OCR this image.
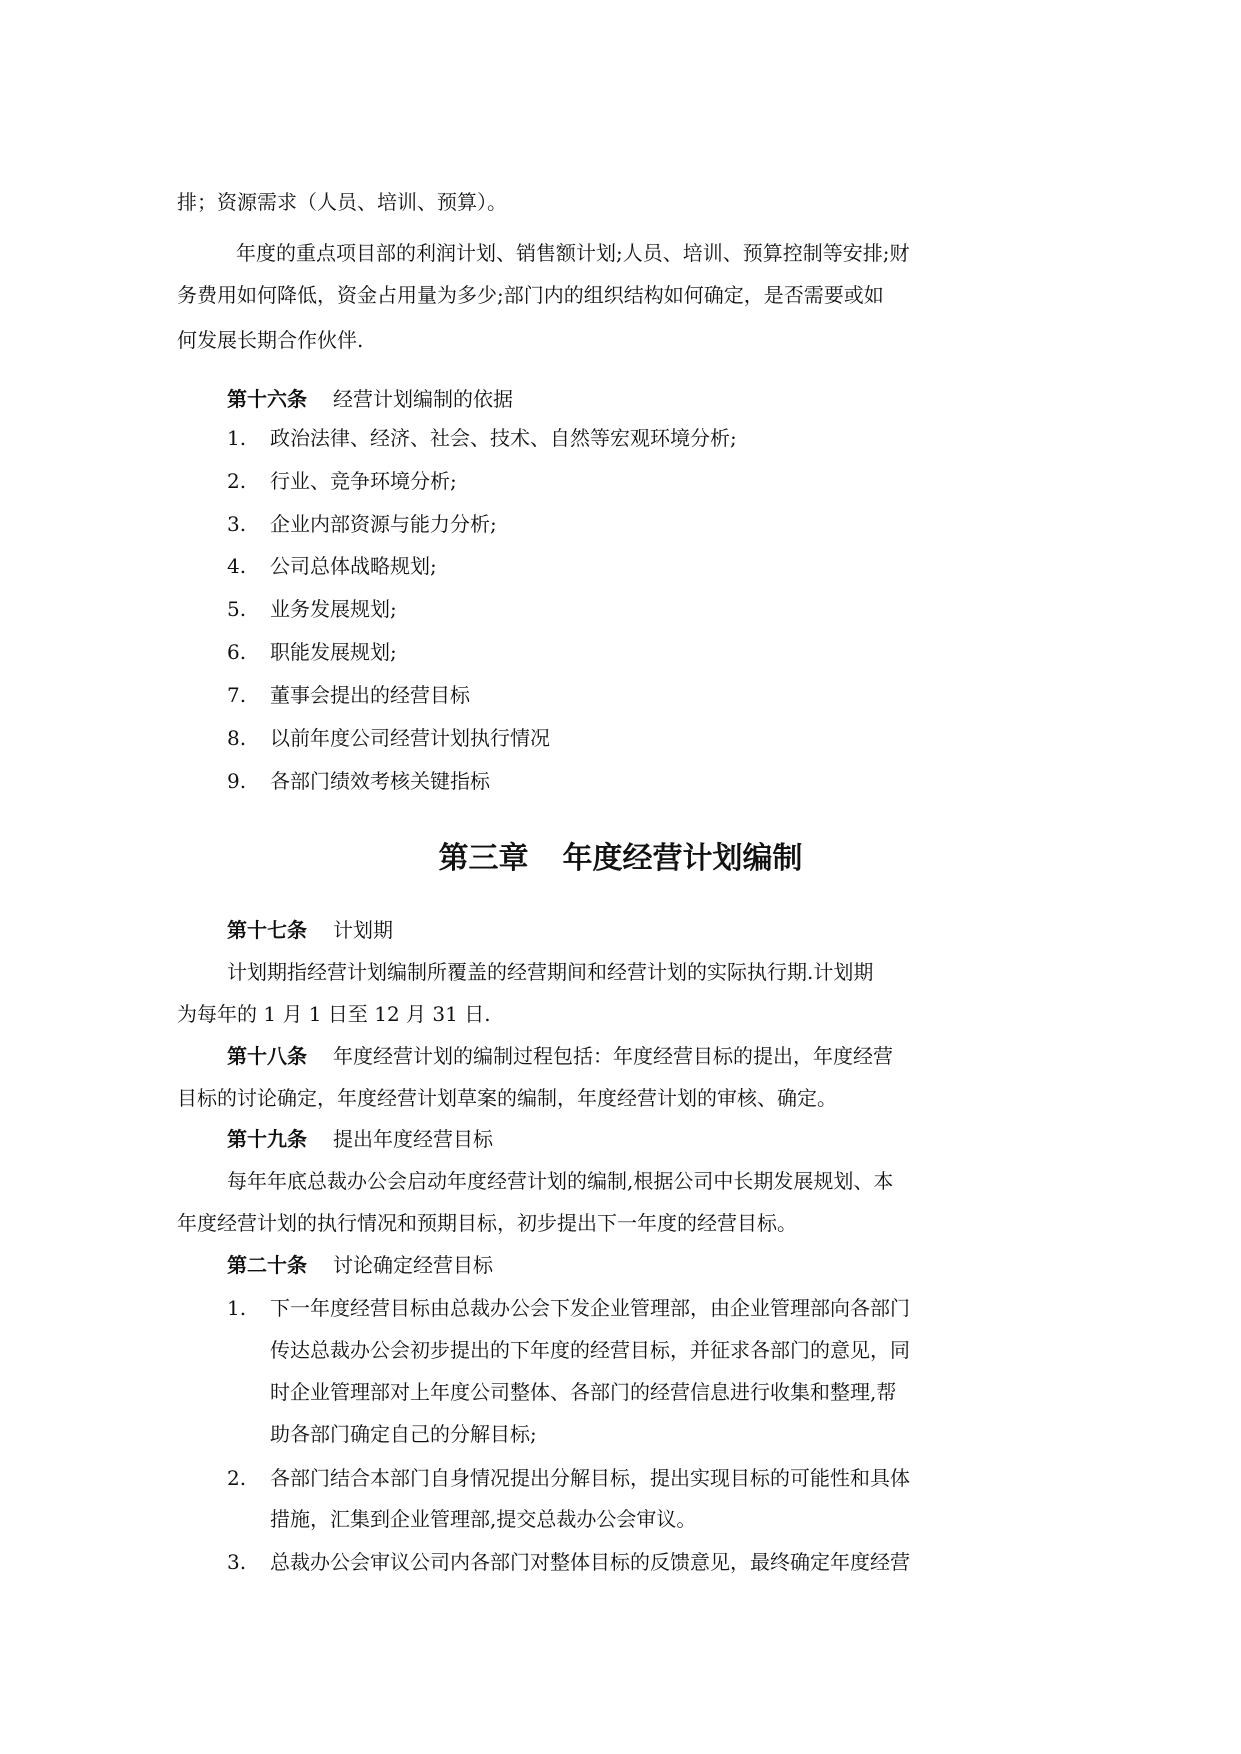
排；资源需求（人员、培训、预算）。
年度的重点项目部的利润计划、销售额计划;人员、培训、预算控制等安排;财
务费用如何降低，资金占用量为多少;部门内的组织结构如何确定，是否需要或如
何发展长期合作伙伴.
第十六条 经营计划编制的依据
1. 政治法律、经济、社会、技术、自然等宏观环境分析;
2. 行业、竞争环境分析;
3. 企业内部资源与能力分析;
4. 公司总体战略规划;
5. 业务发展规划;
6. 职能发展规划;
7. 董事会提出的经营目标
8. 以前年度公司经营计划执行情况
9. 各部门绩效考核关键指标
第三章 年度经营计划编制
第十七条 计划期
计划期指经营计划编制所覆盖的经营期间和经营计划的实际执行期.计划期
为每年的 1 月 1 日至 12 月 31 日.
第十八条 年度经营计划的编制过程包括：年度经营目标的提出，年度经营
目标的讨论确定，年度经营计划草案的编制，年度经营计划的审核、确定。
第十九条 提出年度经营目标
每年年底总裁办公会启动年度经营计划的编制,根据公司中长期发展规划、本
年度经营计划的执行情况和预期目标，初步提出下一年度的经营目标。
第二十条 讨论确定经营目标
1. 下一年度经营目标由总裁办公会下发企业管理部，由企业管理部向各部门
传达总裁办公会初步提出的下年度的经营目标，并征求各部门的意见，同
时企业管理部对上年度公司整体、各部门的经营信息进行收集和整理,帮
助各部门确定自己的分解目标;
2. 各部门结合本部门自身情况提出分解目标，提出实现目标的可能性和具体
措施，汇集到企业管理部,提交总裁办公会审议。
3. 总裁办公会审议公司内各部门对整体目标的反馈意见，最终确定年度经营
